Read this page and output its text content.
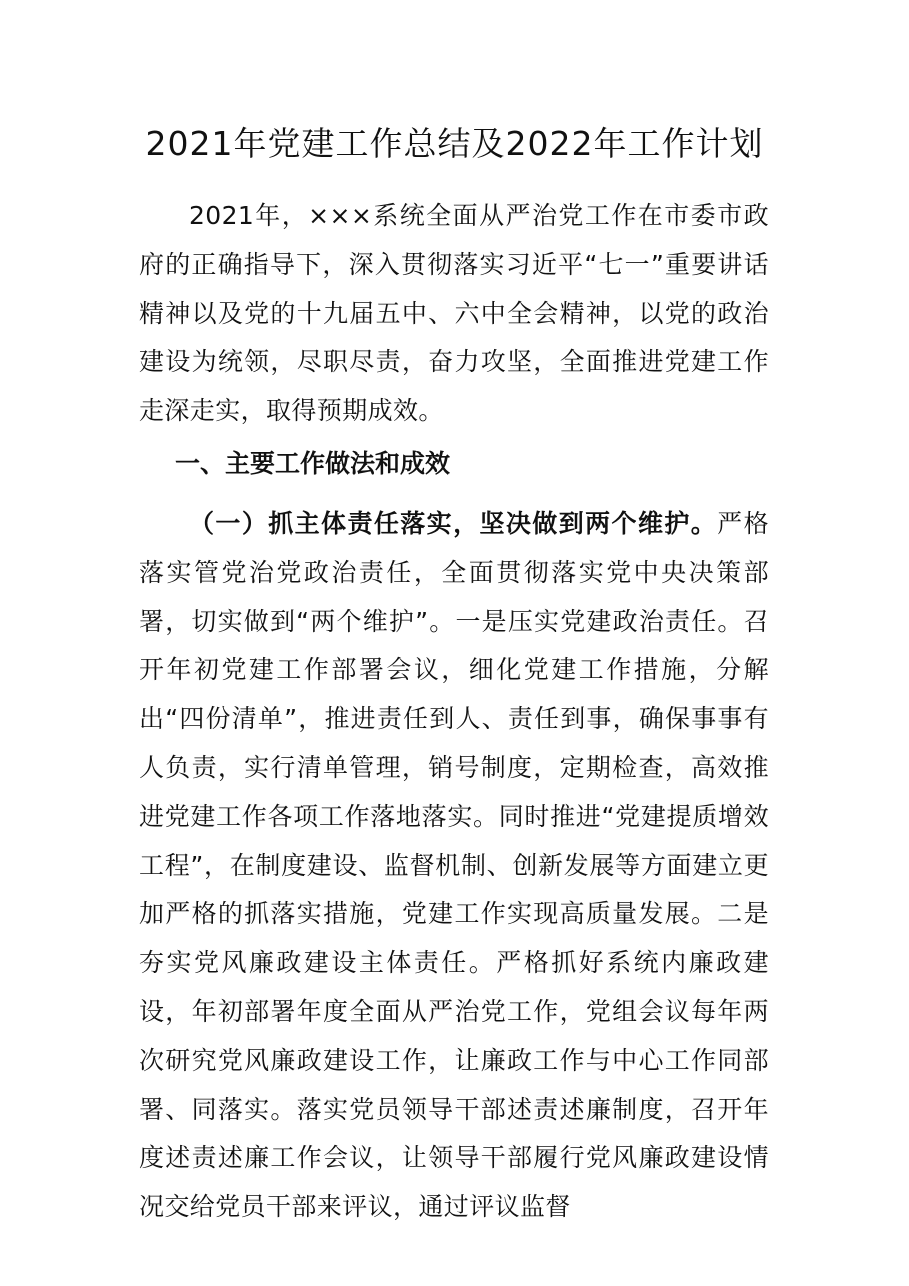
2021年党建工作总结及2022年工作计划

2021年，×××系统全面从严治党工作在市委市政府的正确指导下，深入贯彻落实习近平“七一”重要讲话精神以及党的十九届五中、六中全会精神，以党的政治建设为统领，尽职尽责，奋力攻坚，全面推进党建工作走深走实，取得预期成效。

一、主要工作做法和成效

（一）抓主体责任落实，坚决做到两个维护。严格落实管党治党政治责任，全面贯彻落实党中央决策部署，切实做到“两个维护”。一是压实党建政治责任。召开年初党建工作部署会议，细化党建工作措施，分解出“四份清单”，推进责任到人、责任到事，确保事事有人负责，实行清单管理，销号制度，定期检查，高效推进党建工作各项工作落地落实。同时推进“党建提质增效工程”，在制度建设、监督机制、创新发展等方面建立更加严格的抓落实措施，党建工作实现高质量发展。二是夯实党风廉政建设主体责任。严格抓好系统内廉政建设，年初部署年度全面从严治党工作，党组会议每年两次研究党风廉政建设工作，让廉政工作与中心工作同部署、同落实。落实党员领导干部述责述廉制度，召开年度述责述廉工作会议，让领导干部履行党风廉政建设情况交给党员干部来评议，通过评议监督
